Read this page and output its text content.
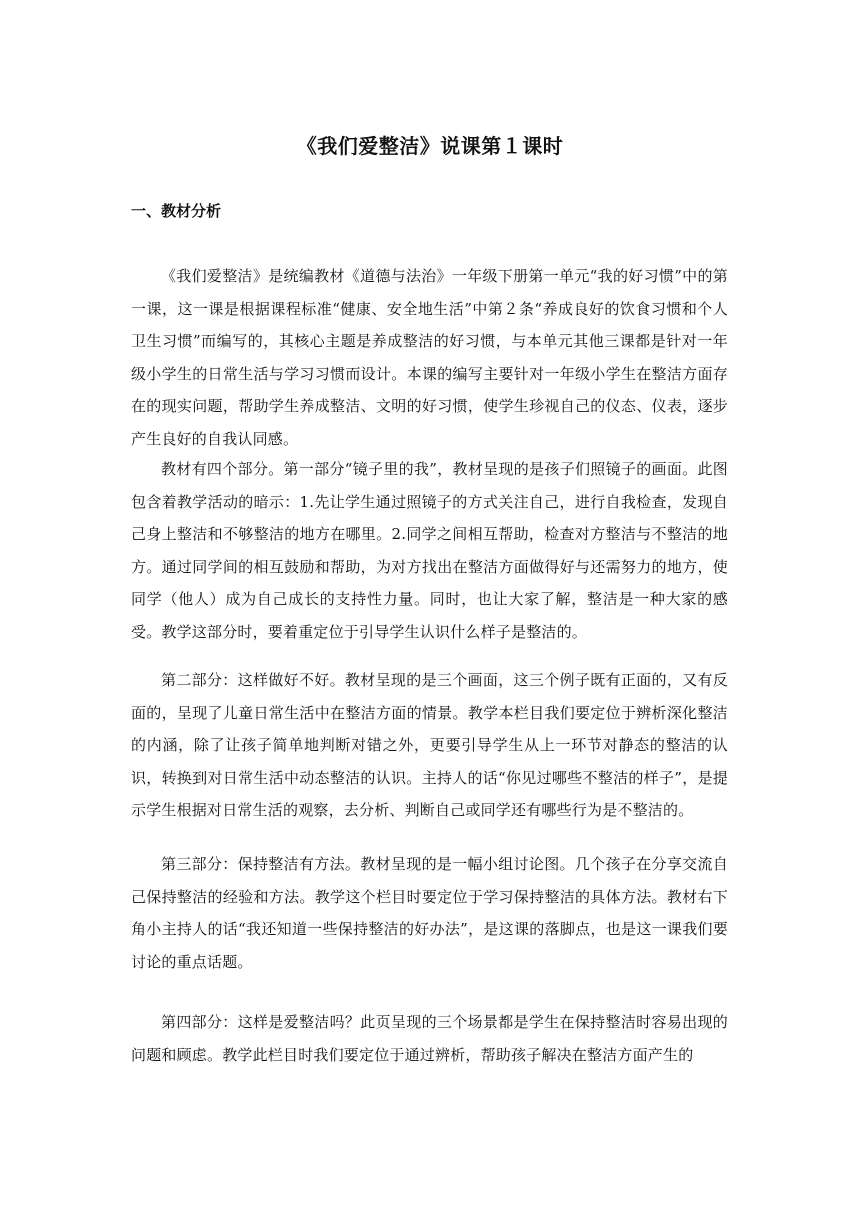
《我们爱整洁》说课第１课时
一、教材分析

《我们爱整洁》是统编教材《道德与法治》一年级下册第一单元“我的好习惯”中的第一课，这一课是根据课程标准“健康、安全地生活”中第２条“养成良好的饮食习惯和个人卫生习惯”而编写的，其核心主题是养成整洁的好习惯，与本单元其他三课都是针对一年级小学生的日常生活与学习习惯而设计。本课的编写主要针对一年级小学生在整洁方面存在的现实问题，帮助学生养成整洁、文明的好习惯，使学生珍视自己的仪态、仪表，逐步产生良好的自我认同感。

教材有四个部分。第一部分“镜子里的我”，教材呈现的是孩子们照镜子的画面。此图包含着教学活动的暗示：1.先让学生通过照镜子的方式关注自己，进行自我检查，发现自己身上整洁和不够整洁的地方在哪里。2.同学之间相互帮助，检查对方整洁与不整洁的地方。通过同学间的相互鼓励和帮助，为对方找出在整洁方面做得好与还需努力的地方，使同学（他人）成为自己成长的支持性力量。同时，也让大家了解，整洁是一种大家的感受。教学这部分时，要着重定位于引导学生认识什么样子是整洁的。

第二部分：这样做好不好。教材呈现的是三个画面，这三个例子既有正面的，又有反面的，呈现了儿童日常生活中在整洁方面的情景。教学本栏目我们要定位于辨析深化整洁的内涵，除了让孩子简单地判断对错之外，更要引导学生从上一环节对静态的整洁的认识，转换到对日常生活中动态整洁的认识。主持人的话“你见过哪些不整洁的样子”，是提示学生根据对日常生活的观察，去分析、判断自己或同学还有哪些行为是不整洁的。

第三部分：保持整洁有方法。教材呈现的是一幅小组讨论图。几个孩子在分享交流自己保持整洁的经验和方法。教学这个栏目时要定位于学习保持整洁的具体方法。教材右下角小主持人的话“我还知道一些保持整洁的好办法”，是这课的落脚点，也是这一课我们要讨论的重点话题。

第四部分：这样是爱整洁吗？此页呈现的三个场景都是学生在保持整洁时容易出现的问题和顾虑。教学此栏目时我们要定位于通过辨析，帮助孩子解决在整洁方面产生的
